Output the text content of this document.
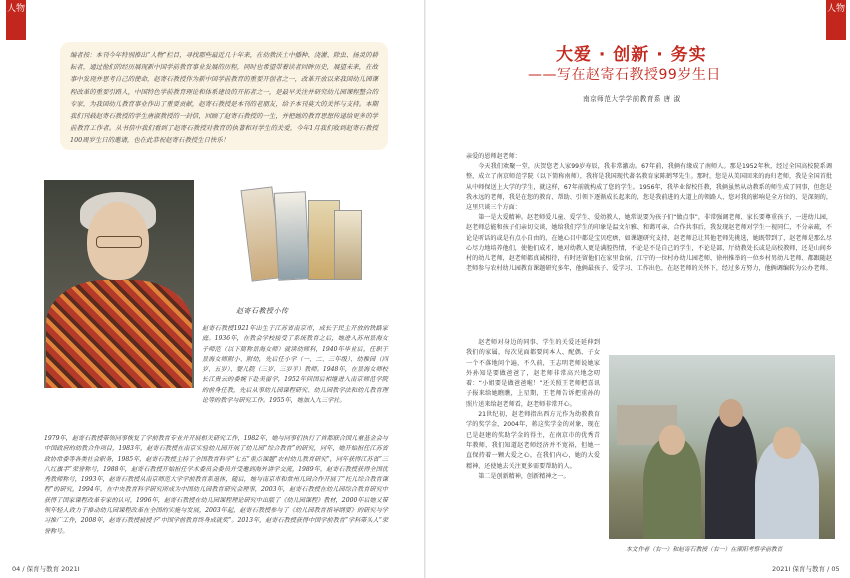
人物	人物
编者按：本刊今年特别推出“人物”栏目，寻找那些最近几十年来，在幼教沃土中播种、浇灌、除虫、扬灵的耕耘者，通过他们的经历展现新中国学前教育事业发展的历程，同时也希望带着读者回眸历史，展望未来，在故事中发现并思考自己的使命，赵寄石教授作为新中国学前教育的重要开创者之一，改革开放以来我国幼儿园课程改革的重要引路人，中国特色学前教育理论和体系建设的开拓者之一，是最早关注并研究幼儿园课程整合的专家，为我国幼儿教育事业作出了重要贡献，赵寄石教授是本刊的老朋友，给予本刊莫大的关怀与支持。本期我们刊载赵寄石教授的学生唐淑教授的一封信，回顾了赵寄石教授的一生，并把她的教育思想传递给更多的学前教育工作者。从书信中我们看到了赵寄石教授对教育的执著和对学生的关爱，今年1月我们收到赵寄石教授100周岁生日的邀请，也在此恭祝赵寄石教授生日快乐！
赵寄石教授小传
赵寄石教授1921年出生于江苏省南京市，成长于民主开放的铁路家庭。1936年，在教会学校接受了系统教育之后，她进入苏州景海女子师范（以下简称景海女师）就读幼师科，1940年毕业后，任职于景海女师附小、附幼，先后任小学（一、二、三年级）、幼稚园（四岁、五岁）、婴儿院（三岁、三岁半）教师。1948年，在景海女师校长江贵云的委婉下赴美留学，1952年回国后相继进入南京师范学院的前身任教，先后从事幼儿园课程研究、幼儿园教学法和幼儿教育理论等的教学与研究工作。1955年，她加入九三学社。
1979年，赵寄石教授带领同事恢复了学前教育专业并开展相关研究工作，1982年，她与同事们执行了首都联合国儿童基金会与中国政府的幼教合作项目，1983年，赵寄石教授在南京实验幼儿园开展了幼儿园“综合教育”的研究，同年，她开始担任江苏省政协常委等各类社会职务，1985年，赵寄石教授主持了全国教育科学“七五”重点课题“农村幼儿教育研究”，同年获得江苏省“三八红旗手”荣誉称号，1988年，赵寄石教授开始担任学术委员会委员并受邀到海外讲学交流，1989年，赵寄石教授获得全国优秀教师称号，1993年，赵寄石教授从南京师范大学学前教育系退休，随后，她与南京市和常州儿园合作开展了“托儿综合教育课程”的研究，1994年，在中央教育科学研究所成为中国幼儿园教育研究会理事，2003年，赵寄石教授在幼儿园综合教育研究中获得了国家课程改革专家的认可，1996年，赵寄石教授在幼儿园课程理论研究中出版了《幼儿园课程》教材，2000年后她又带领年轻人致力于推动幼儿园课程改革在全国的实施与发展，2003年起，赵寄石教授参与了《幼儿园教育指导纲要》的研究与学习推广工作，2008年，赵寄石教授被授予“中国学前教育终身成就奖”。2013年，赵寄石教授获得中国学前教育“学科带头人”荣誉称号。
04 / 保育与教育 2021I
大爱 · 创新 · 务实
——写在赵寄石教授99岁生日
南京师范大学学前教育系 唐 淑

亲爱的恩师赵老师：

今天我们欢聚一堂，庆贺您老人家99岁寿辰，我非常激动。67年前，我俩有缘成了南师人。那是1952年秋，经过全国高校院系调整，成立了南京师范学院（以下简称南师），我将是我国现代著名教育家陈鹤琴先生。那时，您是从美国回来的海归老师，我是全国首批从中师保送上大学的学生，就这样，67年前就构成了您的学生。1956年，我毕业留校任教，我俩虽然从动教系的师生成了同事，但您是我永远的老师，我是在您的教育、帮助、引领下逐渐成长起来的，您是我前进的大道上的领路人，您对我的影响是全方位的、是深刻的，这里只谈三个方面：

第一是大爱精神。赵老师爱儿童、爱学生、爱幼教人，她常说要为孩子们“做点事”，非常强调老师、家长要尊重孩子，一进幼儿园，赵老师总能和孩子们亲切交谈，她给我们学生的印象是温文尔雅、和蔼可亲，合作共事后，我发现赵老师对学生一视同仁，不分亲疏，不论是听话的或是有点小自由的，在她心目中都是宝贝疙瘩，如课题研究支持，赵老师总让其他老师先挑选，她既带到了，赵老师是那么尽心尽力地培养他们，使他们成才，她对幼教人更是满腔热情，不论是不是自己的学生，不论是部、厅幼教处长或是高校教师，还是山间乡村的幼儿老师，赵老师都真诚相待，有时还留他们在家里食宿，江宁的一位村办幼儿园老师、徐州推举的一位乡村男幼儿老师、都跟随赵老师参与农村幼儿园教育课题研究多年，他俩最孩子、爱学习、工作出色，在赵老师的关怀下，经过多方努力，他俩调编转为公办老师。

赵老师对身边的同事、学生的关爱还延伸到我们的家属，每次见面都要问本人、配偶、子女一个不落地问个遍，不久前，王志明老师说她家外孙知是要做爸爸了，赵老师非常高兴地念叨着：“小姐要是做爸爸啦！”还关照王老师把喜讯子报来给她瞧瞧，上星期，王老师告诉把重孙的照片送来给赵老师看，赵老师非常开心。

21世纪初，赵老师指出西方元作为幼教教育学的奖学金，2004年，蒋这奖学金的对象，现在已是赵建的奖助学金的得主，在南京市的优秀青年教师，我们知道赵老师经济并不宽裕，但她一直保持着一颗大爱之心，在我们内心，她的大爱精神，还使她去关注更多需要帮助的人。

第二是创新精神，创新精神之一。

本文作者（右一）和赵寄石教授（右一）在溧阳考察学前教育
2021I 保育与教育 / 05
